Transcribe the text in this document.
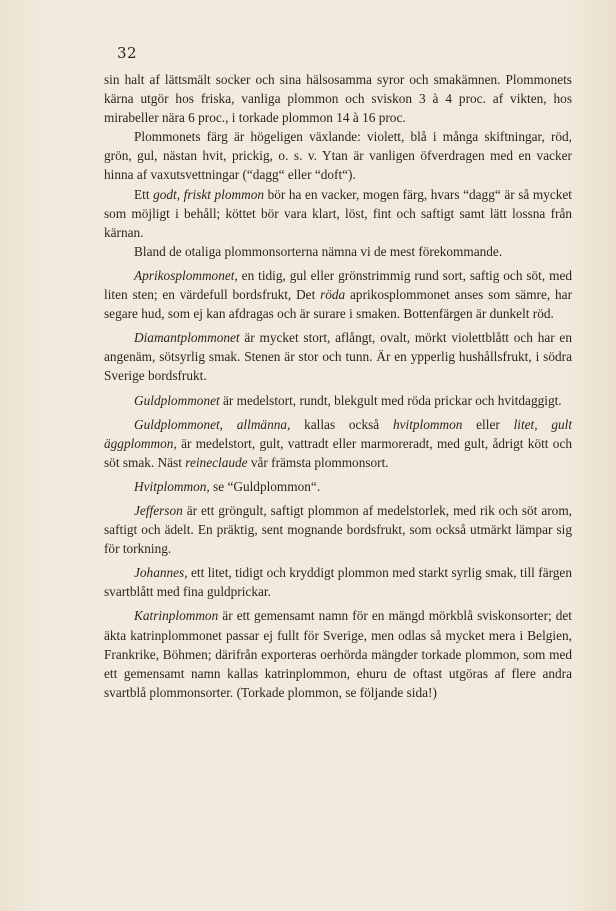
32

sin halt af lättsmält socker och sina hälsosamma syror och smakämnen. Plommonets kärna utgör hos friska, vanliga plommon och sviskon 3 à 4 proc. af vikten, hos mirabeller nära 6 proc., i torkade plommon 14 à 16 proc.

Plommonets färg är högeligen växlande: violett, blå i många skiftningar, röd, grön, gul, nästan hvit, prickig, o. s. v. Ytan är vanligen öfverdragen med en vacker hinna af vaxutsvettningar (“dagg“ eller “doft“).

Ett godt, friskt plommon bör ha en vacker, mogen färg, hvars “dagg“ är så mycket som möjligt i behåll; köttet bör vara klart, löst, fint och saftigt samt lätt lossna från kärnan.

Bland de otaliga plommonsorterna nämna vi de mest förekommande.

Aprikosplommonet, en tidig, gul eller grönstrimmig rund sort, saftig och söt, med liten sten; en värdefull bordsfrukt, Det röda aprikosplommonet anses som sämre, har segare hud, som ej kan afdragas och är surare i smaken. Bottenfärgen är dunkelt röd.

Diamantplommonet är mycket stort, aflångt, ovalt, mörkt violettblått och har en angenäm, sötsyrlig smak. Stenen är stor och tunn. Är en ypperlig hushållsfrukt, i södra Sverige bordsfrukt.

Guldplommonet är medelstort, rundt, blekgult med röda prickar och hvitdaggigt.

Guldplommonet, allmänna, kallas också hvitplommon eller litet, gult äggplommon, är medelstort, gult, vattradt eller marmoreradt, med gult, ådrigt kött och söt smak. Näst reineclaude vår främsta plommonsort.

Hvitplommon, se “Guldplommon“.

Jefferson är ett gröngult, saftigt plommon af medelstorlek, med rik och söt arom, saftigt och ädelt. En präktig, sent mognande bordsfrukt, som också utmärkt lämpar sig för torkning.

Johannes, ett litet, tidigt och kryddigt plommon med starkt syrlig smak, till färgen svartblått med fina guldprickar.

Katrinplommon är ett gemensamt namn för en mängd mörkblå sviskonsorter; det äkta katrinplommonet passar ej fullt för Sverige, men odlas så mycket mera i Belgien, Frankrike, Böhmen; därifrån exporteras oerhörda mängder torkade plommon, som med ett gemensamt namn kallas katrinplommon, ehuru de oftast utgöras af flere andra svartblå plommonsorter. (Torkade plommon, se följande sida!)
